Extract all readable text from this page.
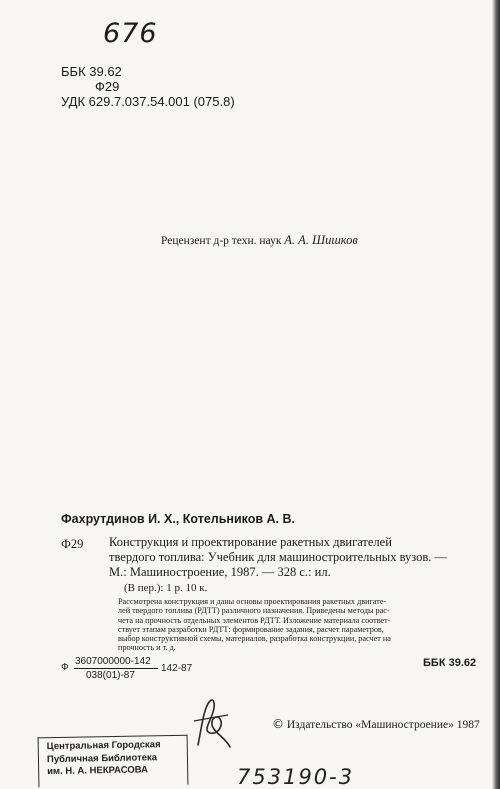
676
ББК 39.62
Ф29
УДК 629.7.037.54.001 (075.8)
Рецензент д-р техн. наук А. А. Шишков
Фахрутдинов И. Х., Котельников А. В.
Ф29 Конструкция и проектирование ракетных двигателей
твердого топлива: Учебник для машиностроительных вузов. —
М.: Машиностроение, 1987. — 328 с.: ил.
(В пер.): 1 р. 10 к.
Рассмотрена конструкция и даны основы проектирования ракетных двигате-
лей твердого топлива (РДТТ) различного назначения. Приведены методы рас-
чета на прочность отдельных элементов РДТТ. Изложение материала соответ-
ствует этапам разработки РДТТ: формирование задания, расчет параметров,
выбор конструктивной схемы, материалов, разработка конструкции, расчет на
прочность и т. д.
Ф
3607000000-142
038(01)-87
142-87	ББК 39.62
© Издательство «Машиностроение» 1987
Центральная Городская
Публичная Библиотека
им. Н. А. НЕКРАСОВА	753190-3
